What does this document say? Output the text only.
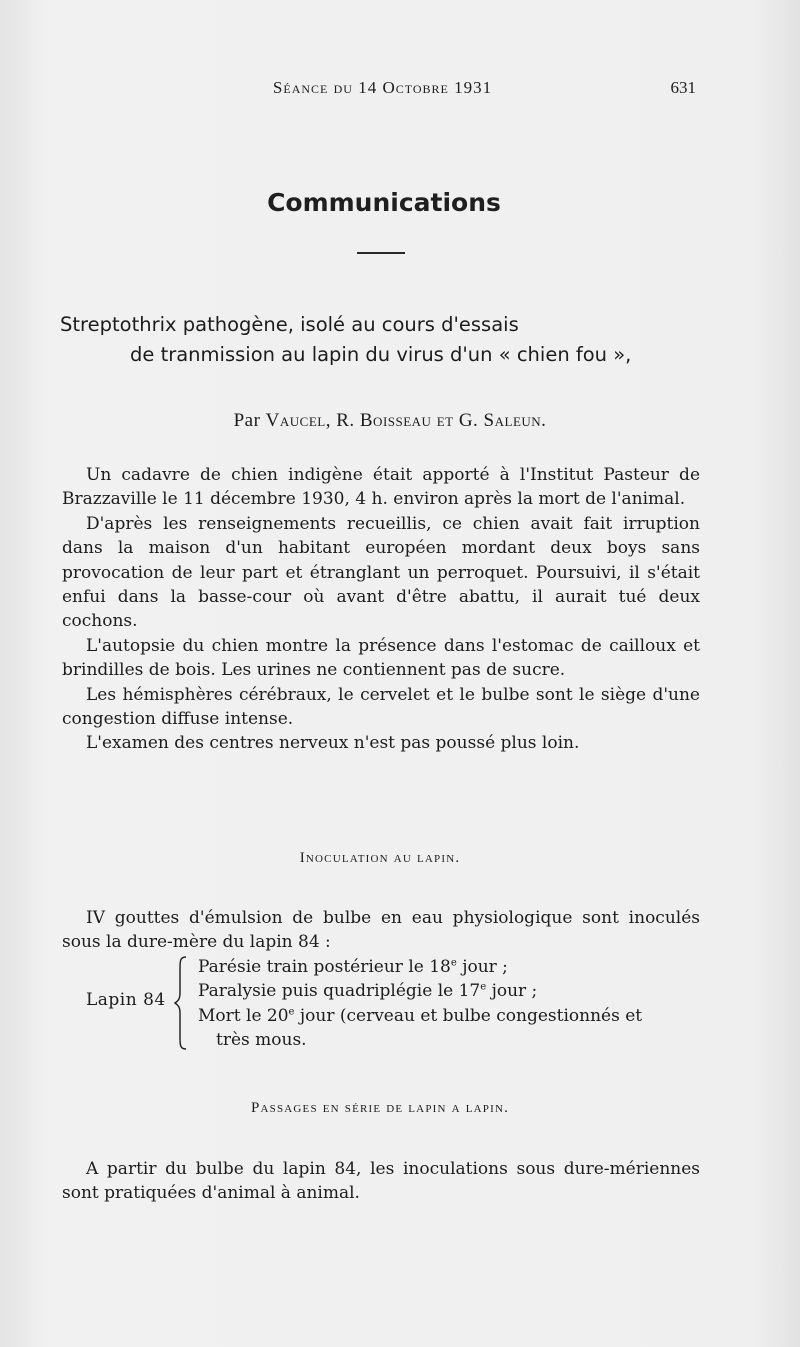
Séance du 14 Octobre 1931	631
Communications
Streptothrix pathogène, isolé au cours d'essais
de tranmission au lapin du virus d'un « chien fou »,
Par Vaucel, R. Boisseau et G. Saleun.

Un cadavre de chien indigène était apporté à l'Institut Pasteur de Brazzaville le 11 décembre 1930, 4 h. environ après la mort de l'animal.

D'après les renseignements recueillis, ce chien avait fait irruption dans la maison d'un habitant européen mordant deux boys sans provocation de leur part et étranglant un perroquet. Poursuivi, il s'était enfui dans la basse-cour où avant d'être abattu, il aurait tué deux cochons.

L'autopsie du chien montre la présence dans l'estomac de cailloux et brindilles de bois. Les urines ne contiennent pas de sucre.

Les hémisphères cérébraux, le cervelet et le bulbe sont le siège d'une congestion diffuse intense.

L'examen des centres nerveux n'est pas poussé plus loin.

Inoculation au lapin.

IV gouttes d'émulsion de bulbe en eau physiologique sont inoculés sous la dure-mère du lapin 84 :

Lapin 84
Parésie train postérieur le 18e jour ;
Paralysie puis quadriplégie le 17e jour ;
Mort le 20e jour (cerveau et bulbe congestionnés et
très mous.
Passages en série de lapin a lapin.

A partir du bulbe du lapin 84, les inoculations sous dure-mériennes sont pratiquées d'animal à animal.
